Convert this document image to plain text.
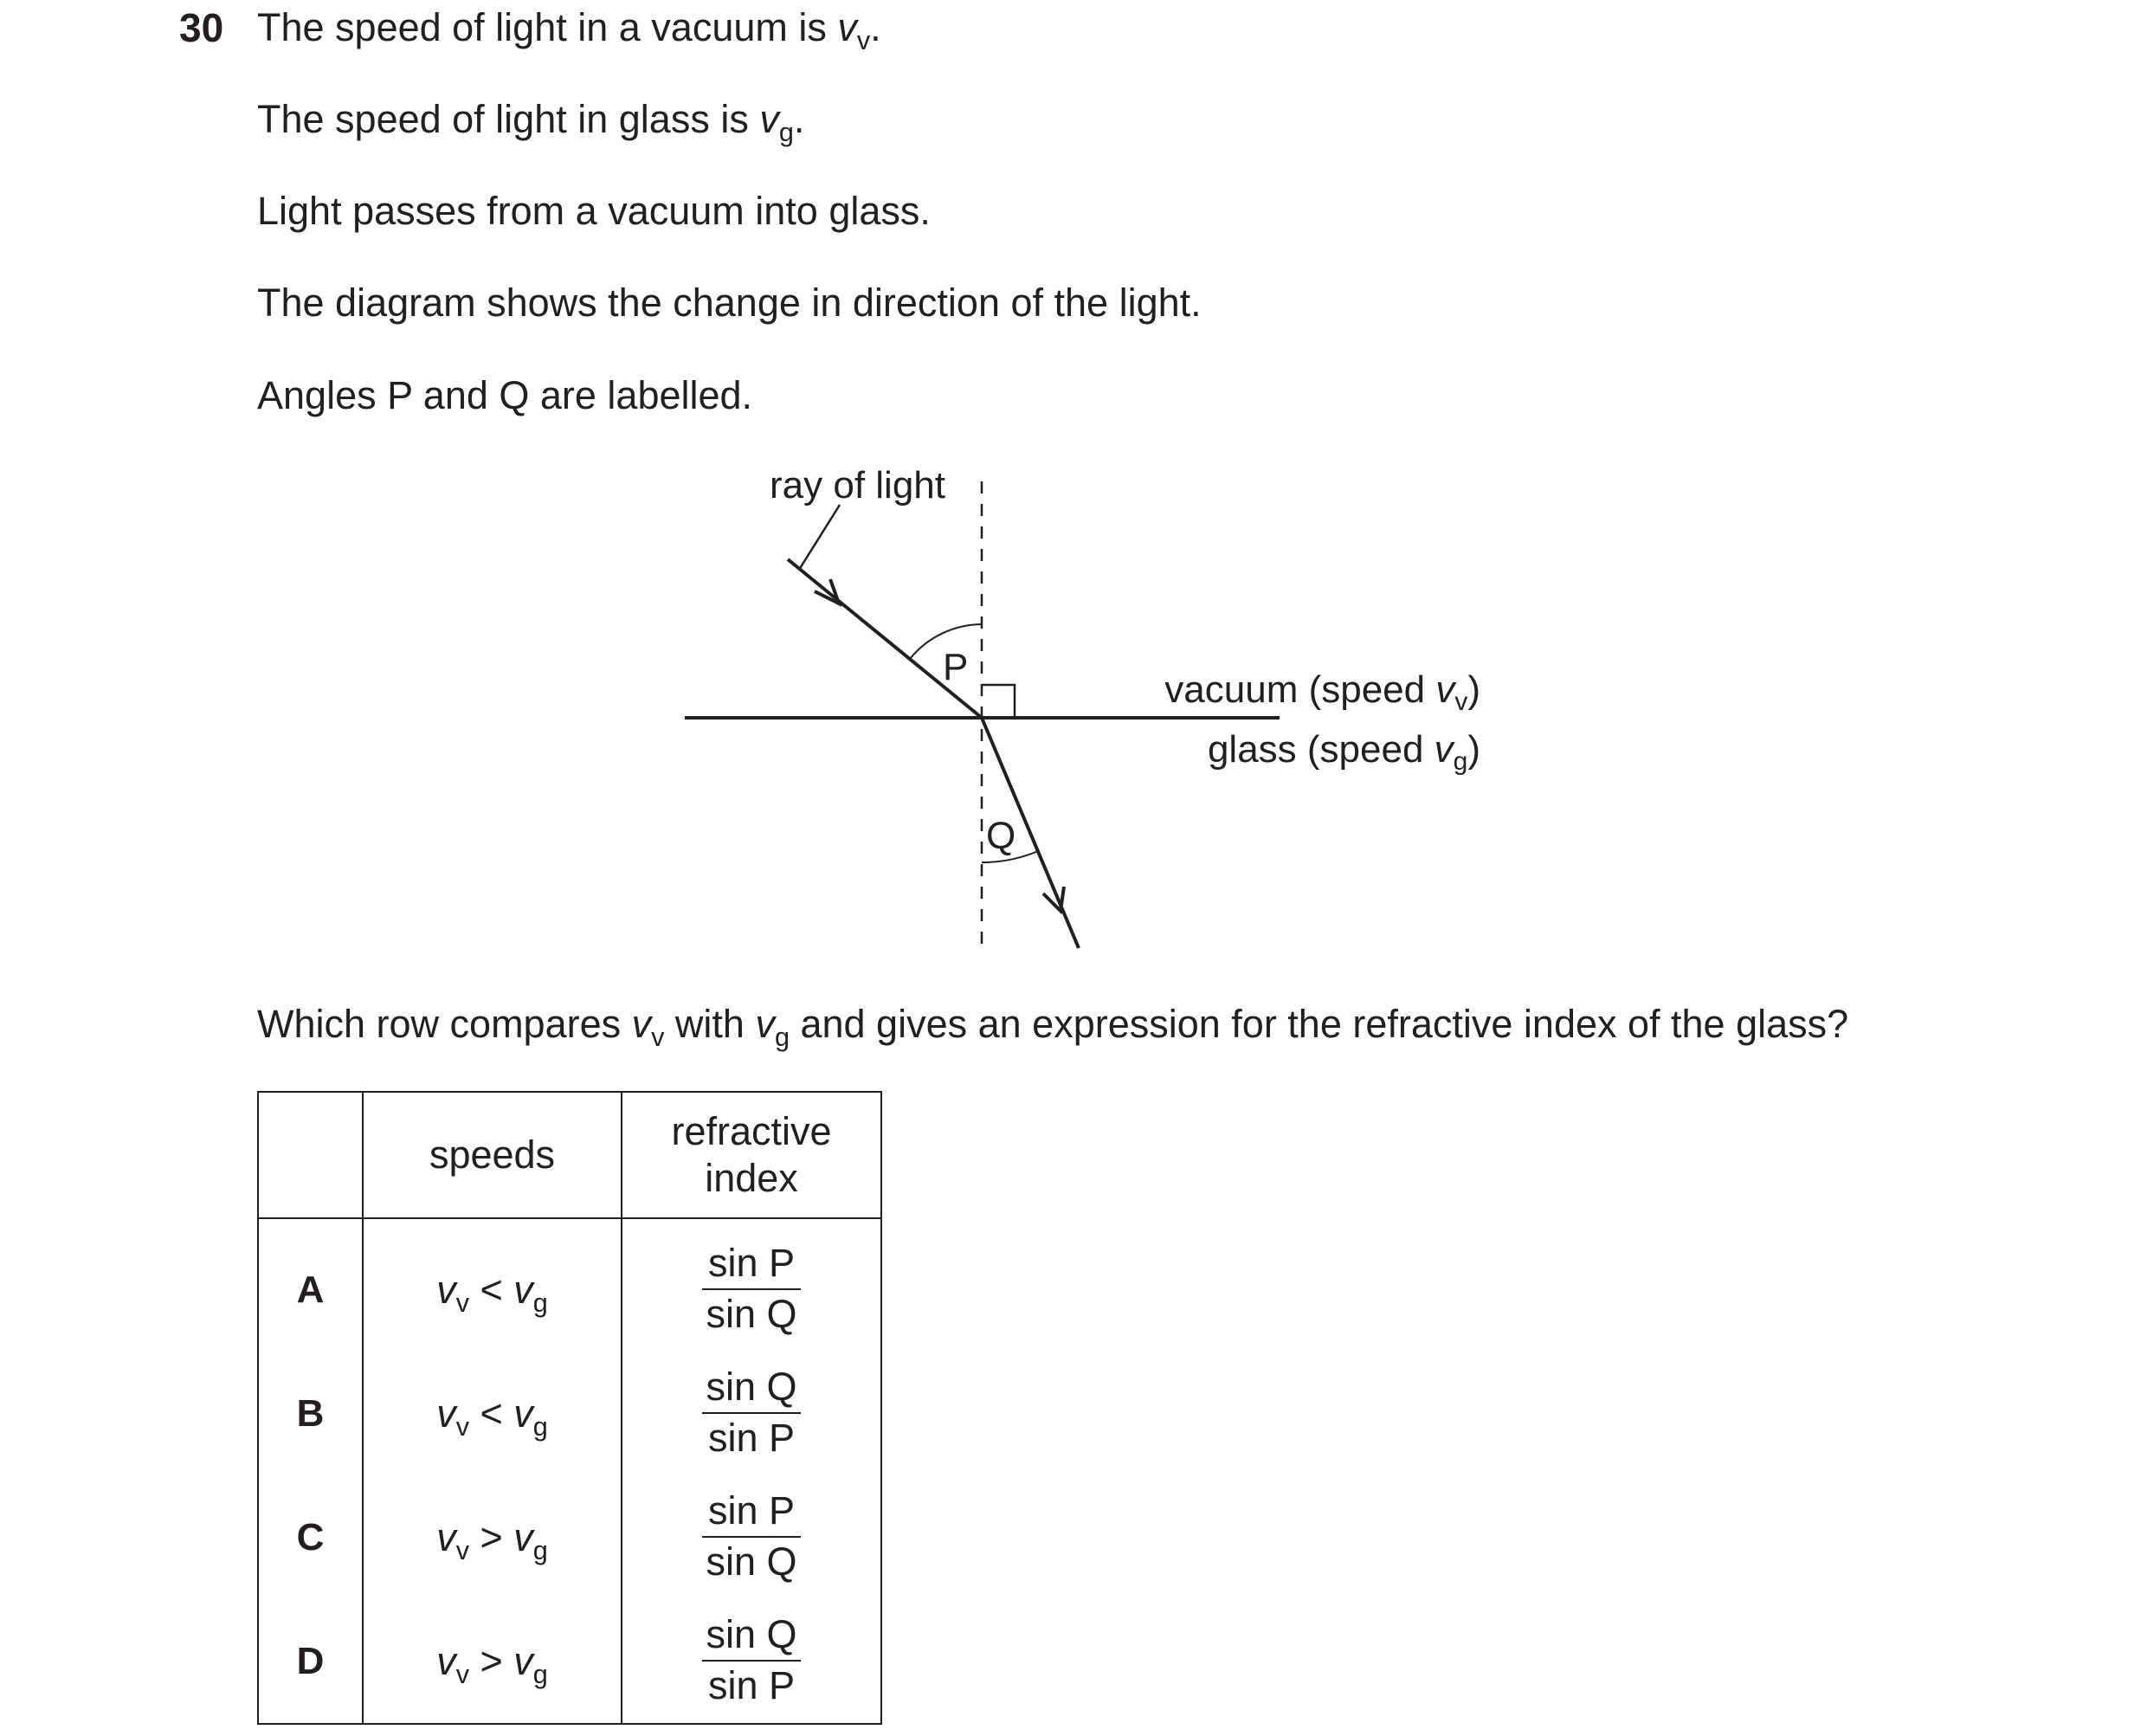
30 The speed of light in a vacuum is $v_v$.
The speed of light in glass is $v_g$.
Light passes from a vacuum into glass.
The diagram shows the change in direction of the light.
Angles P and Q are labelled.
ray of light
P
Q
vacuum (speed $v_v$)
glass (speed $v_g$)
Which row compares $v_v$ with $v_g$ and gives an expression for the refractive index of the glass?
	speeds	refractive
index

A	$v_v < v_g$	$\frac{\text{sin P}}{\text{sin Q}}$

B	$v_v < v_g$	$\frac{\text{sin Q}}{\text{sin P}}$

C	$v_v > v_g$	$\frac{\text{sin P}}{\text{sin Q}}$

D	$v_v > v_g$	$\frac{\text{sin Q}}{\text{sin P}}$
